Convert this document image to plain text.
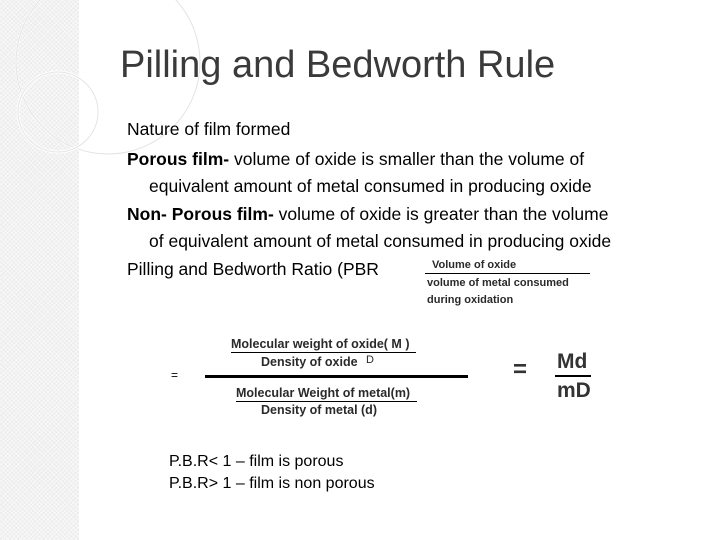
Pilling and Bedworth Rule
Nature of film formed
Porous film- volume of oxide is smaller than the volume of
equivalent amount of metal consumed in producing oxide
Non- Porous film- volume of oxide is greater than the volume
of equivalent amount of metal consumed in producing oxide
Pilling and Bedworth Ratio (PBR	Volume of oxide
volume of metal consumed
during oxidation
Molecular weight of oxide( M )
Density of oxide D
=
Molecular Weight of metal(m)
Density of metal (d)
= Md
mD
P.B.R< 1 – film is porous
P.B.R> 1 – film is non porous
